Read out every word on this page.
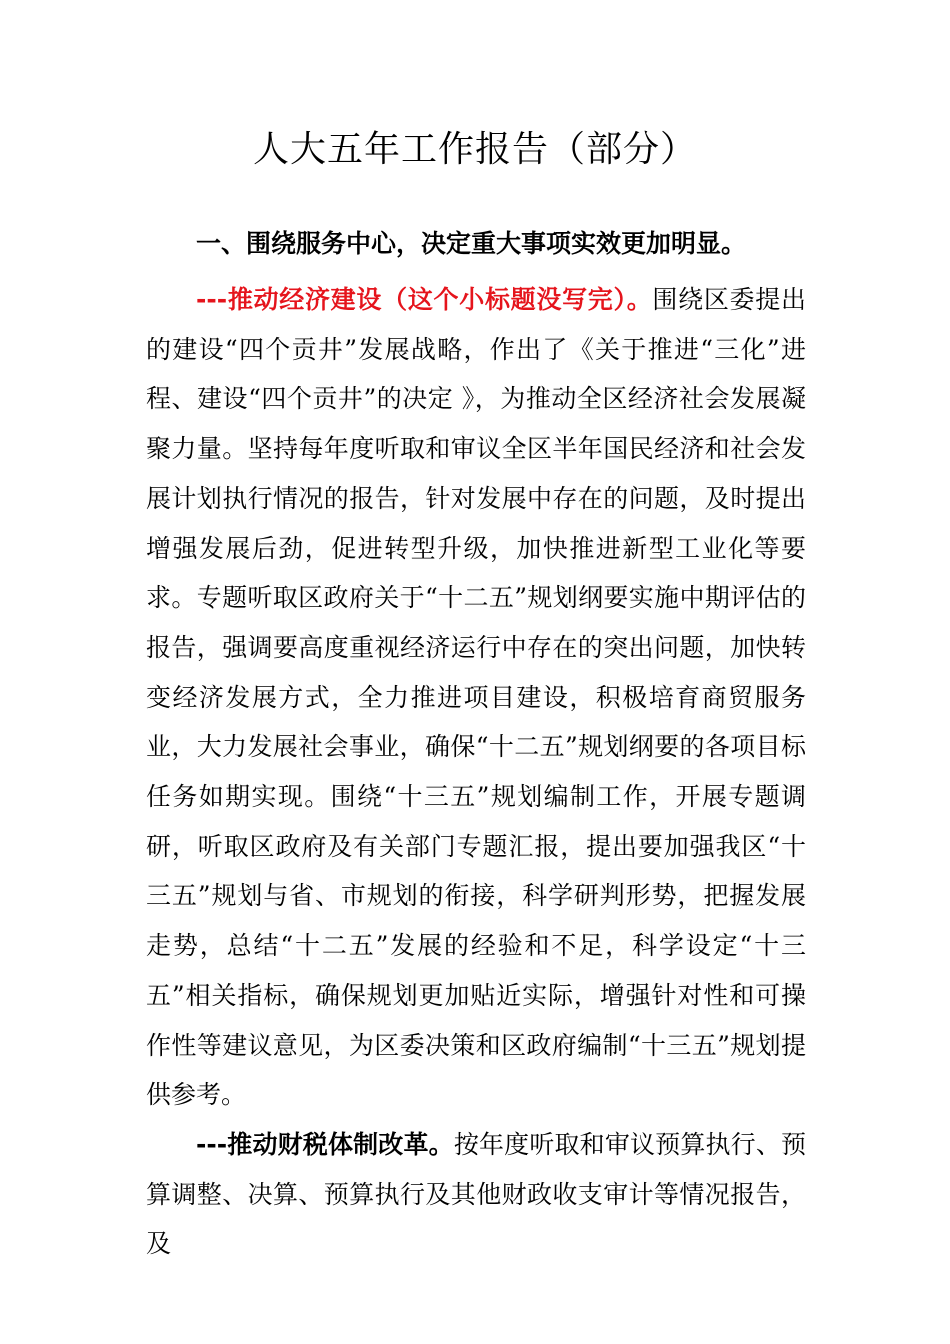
人大五年工作报告（部分）
一、围绕服务中心，决定重大事项实效更加明显。

---推动经济建设（这个小标题没写完）。围绕区委提出的建设“四个贡井”发展战略，作出了《关于推进“三化”进程、建设“四个贡井”的决定 》，为推动全区经济社会发展凝聚力量。坚持每年度听取和审议全区半年国民经济和社会发展计划执行情况的报告，针对发展中存在的问题，及时提出增强发展后劲，促进转型升级，加快推进新型工业化等要求。专题听取区政府关于“十二五”规划纲要实施中期评估的报告，强调要高度重视经济运行中存在的突出问题，加快转变经济发展方式，全力推进项目建设，积极培育商贸服务业，大力发展社会事业，确保“十二五”规划纲要的各项目标任务如期实现。围绕“十三五”规划编制工作，开展专题调研，听取区政府及有关部门专题汇报，提出要加强我区“十三五”规划与省、市规划的衔接，科学研判形势，把握发展走势，总结“十二五”发展的经验和不足，科学设定“十三五”相关指标，确保规划更加贴近实际，增强针对性和可操作性等建议意见，为区委决策和区政府编制“十三五”规划提供参考。

---推动财税体制改革。按年度听取和审议预算执行、预算调整、决算、预算执行及其他财政收支审计等情况报告，及
